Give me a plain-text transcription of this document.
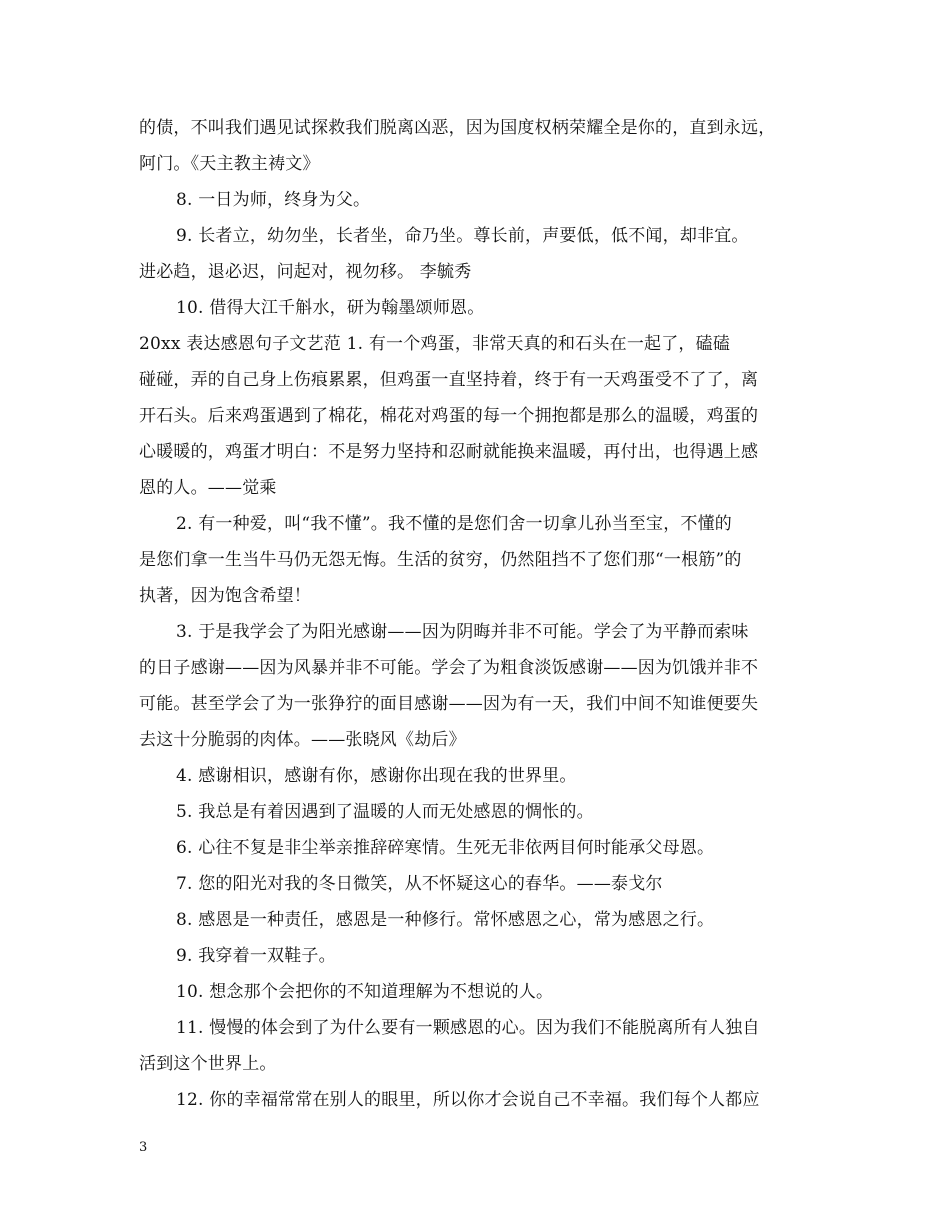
的债，不叫我们遇见试探救我们脱离凶恶，因为国度权柄荣耀全是你的，直到永远，
阿门。《天主教主祷文》
8. 一日为师，终身为父。
9. 长者立，幼勿坐，长者坐，命乃坐。尊长前，声要低，低不闻，却非宜。
进必趋，退必迟，问起对，视勿移。 李毓秀
10. 借得大江千斛水，研为翰墨颂师恩。
20xx 表达感恩句子文艺范 1. 有一个鸡蛋，非常天真的和石头在一起了，磕磕
碰碰，弄的自己身上伤痕累累，但鸡蛋一直坚持着，终于有一天鸡蛋受不了了，离
开石头。后来鸡蛋遇到了棉花，棉花对鸡蛋的每一个拥抱都是那么的温暖，鸡蛋的
心暖暖的，鸡蛋才明白：不是努力坚持和忍耐就能换来温暖，再付出，也得遇上感
恩的人。——觉乘
2. 有一种爱，叫“我不懂”。我不懂的是您们舍一切拿儿孙当至宝，不懂的
是您们拿一生当牛马仍无怨无悔。生活的贫穷，仍然阻挡不了您们那“一根筋”的
执著，因为饱含希望！
3. 于是我学会了为阳光感谢——因为阴晦并非不可能。学会了为平静而索味
的日子感谢——因为风暴并非不可能。学会了为粗食淡饭感谢——因为饥饿并非不
可能。甚至学会了为一张狰狞的面目感谢——因为有一天，我们中间不知谁便要失
去这十分脆弱的肉体。——张晓风《劫后》
4. 感谢相识，感谢有你，感谢你出现在我的世界里。
5. 我总是有着因遇到了温暖的人而无处感恩的惆怅的。
6. 心往不复是非尘举亲推辞碎寒情。生死无非依两目何时能承父母恩。
7. 您的阳光对我的冬日微笑，从不怀疑这心的春华。——泰戈尔
8. 感恩是一种责任，感恩是一种修行。常怀感恩之心，常为感恩之行。
9. 我穿着一双鞋子。
10. 想念那个会把你的不知道理解为不想说的人。
11. 慢慢的体会到了为什么要有一颗感恩的心。因为我们不能脱离所有人独自
活到这个世界上。
12. 你的幸福常常在别人的眼里，所以你才会说自己不幸福。我们每个人都应
3
